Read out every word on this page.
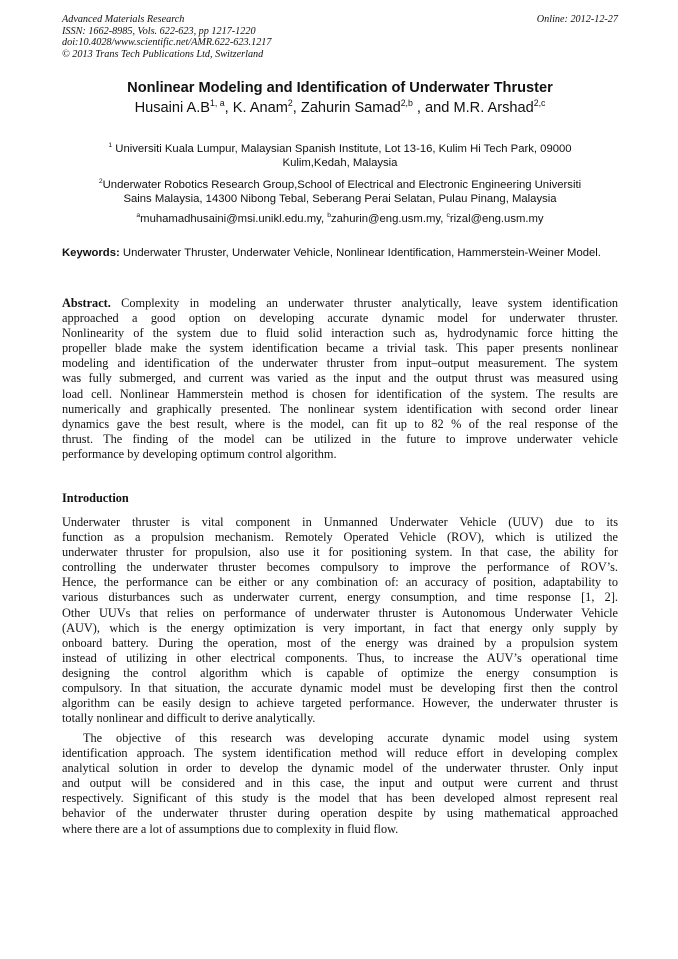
Advanced Materials Research
ISSN: 1662-8985, Vols. 622-623, pp 1217-1220
doi:10.4028/www.scientific.net/AMR.622-623.1217
© 2013 Trans Tech Publications Ltd, Switzerland
Online: 2012-12-27
Nonlinear Modeling and Identification of Underwater Thruster
Husaini $A.B^{1, a}$, K. Anam$^2$, Zahurin Samad$^{2,b}$ , and M.R. Arshad$^{2,c}$
$^1$ Universiti Kuala Lumpur, Malaysian Spanish Institute, Lot 13-16, Kulim Hi Tech Park, 09000
Kulim,Kedah, Malaysia
$^2$Underwater Robotics Research Group,School of Electrical and Electronic Engineering Universiti
Sains Malaysia, 14300 Nibong Tebal, Seberang Perai Selatan, Pulau Pinang, Malaysia
$^a$muhamadhusaini@msi.unikl.edu.my, $^b$zahurin@eng.usm.my, $^c$rizal@eng.usm.my
Keywords: Underwater Thruster, Underwater Vehicle, Nonlinear Identification, Hammerstein-Weiner Model.
Abstract. Complexity in modeling an underwater thruster analytically, leave system identification
approached a good option on developing accurate dynamic model for underwater thruster.
Nonlinearity of the system due to fluid solid interaction such as, hydrodynamic force hitting the
propeller blade make the system identification became a trivial task. This paper presents nonlinear
modeling and identification of the underwater thruster from input–output measurement. The system
was fully submerged, and current was varied as the input and the output thrust was measured using
load cell. Nonlinear Hammerstein method is chosen for identification of the system. The results are
numerically and graphically presented. The nonlinear system identification with second order linear
dynamics gave the best result, where is the model, can fit up to 82 % of the real response of the
thrust. The finding of the model can be utilized in the future to improve underwater vehicle
performance by developing optimum control algorithm.
Introduction
Underwater thruster is vital component in Unmanned Underwater Vehicle (UUV) due to its
function as a propulsion mechanism. Remotely Operated Vehicle (ROV), which is utilized the
underwater thruster for propulsion, also use it for positioning system. In that case, the ability for
controlling the underwater thruster becomes compulsory to improve the performance of ROV’s.
Hence, the performance can be either or any combination of: an accuracy of position, adaptability to
various disturbances such as underwater current, energy consumption, and time response [1, 2].
Other UUVs that relies on performance of underwater thruster is Autonomous Underwater Vehicle
(AUV), which is the energy optimization is very important, in fact that energy only supply by
onboard battery. During the operation, most of the energy was drained by a propulsion system
instead of utilizing in other electrical components. Thus, to increase the AUV’s operational time
designing the control algorithm which is capable of optimize the energy consumption is
compulsory. In that situation, the accurate dynamic model must be developing first then the control
algorithm can be easily design to achieve targeted performance. However, the underwater thruster is
totally nonlinear and difficult to derive analytically.
The objective of this research was developing accurate dynamic model using system
identification approach. The system identification method will reduce effort in developing complex
analytical solution in order to develop the dynamic model of the underwater thruster. Only input
and output will be considered and in this case, the input and output were current and thrust
respectively. Significant of this study is the model that has been developed almost represent real
behavior of the underwater thruster during operation despite by using mathematical approached
where there are a lot of assumptions due to complexity in fluid flow.
